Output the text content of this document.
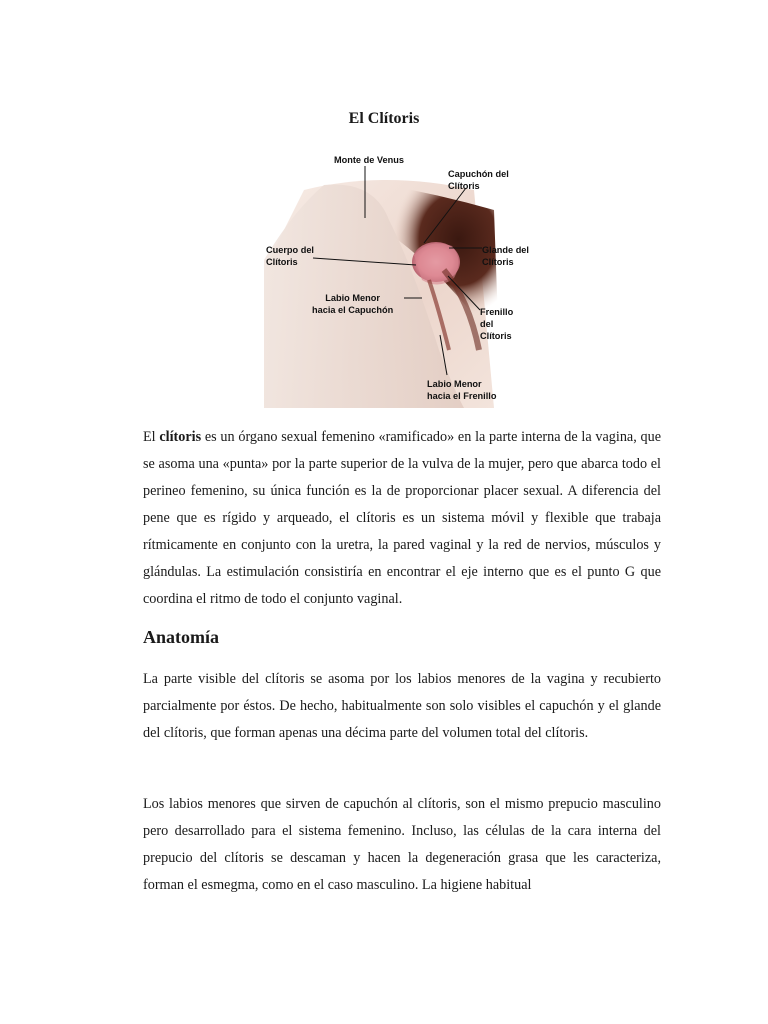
El Clítoris
Monte de Venus
Capuchón del
Clítoris
Cuerpo del
Clítoris
Glande del
Clítoris
Labio Menor
hacia el Capuchón	Frenillo del
Clítoris
Labio Menor
hacia el Frenillo

El clítoris es un órgano sexual femenino «ramificado» en la parte interna de la vagina, que se asoma una «punta» por la parte superior de la vulva de la mujer, pero que abarca todo el perineo femenino, su única función es la de proporcionar placer sexual. A diferencia del pene que es rígido y arqueado, el clítoris es un sistema móvil y flexible que trabaja rítmicamente en conjunto con la uretra, la pared vaginal y la red de nervios, músculos y glándulas. La estimulación consistiría en encontrar el eje interno que es el punto G que coordina el ritmo de todo el conjunto vaginal.

Anatomía

La parte visible del clítoris se asoma por los labios menores de la vagina y recubierto parcialmente por éstos. De hecho, habitualmente son solo visibles el capuchón y el glande del clítoris, que forman apenas una décima parte del volumen total del clítoris.

Los labios menores que sirven de capuchón al clítoris, son el mismo prepucio masculino pero desarrollado para el sistema femenino. Incluso, las células de la cara interna del prepucio del clítoris se descaman y hacen la degeneración grasa que les caracteriza, forman el esmegma, como en el caso masculino. La higiene habitual
